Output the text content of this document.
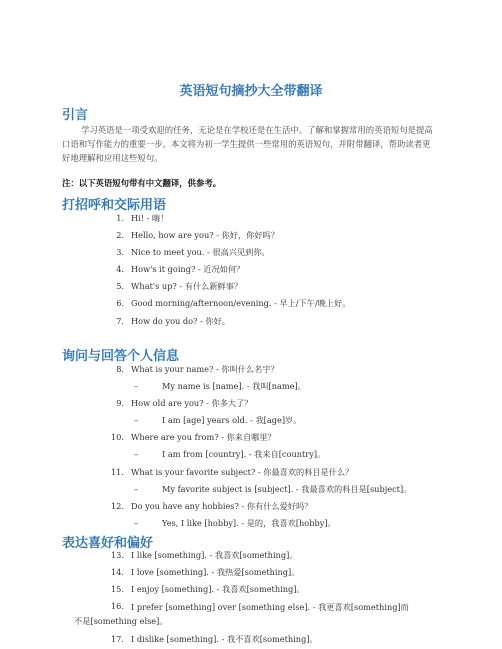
英语短句摘抄大全带翻译
引言

学习英语是一项受欢迎的任务，无论是在学校还是在生活中。了解和掌握常用的英语短句是提高口语和写作能力的重要一步。本文将为初一学生提供一些常用的英语短句，并附带翻译，帮助读者更好地理解和应用这些短句。

注：以下英语短句带有中文翻译，供参考。
打招呼和交际用语
1. Hi! - 嗨！
2. Hello, how are you? - 你好，你好吗？
3. Nice to meet you. - 很高兴见到你。
4. How's it going? - 近况如何？
5. What's up? - 有什么新鲜事？
6. Good morning/afternoon/evening. - 早上/下午/晚上好。
7. How do you do? - 你好。
询问与回答个人信息
8. What is your name? - 你叫什么名字？
–	My name is [name]. - 我叫[name]。
9. How old are you? - 你多大了？
–	I am [age] years old. - 我[age]岁。
10. Where are you from? - 你来自哪里？
–	I am from [country]. - 我来自[country]。
11. What is your favorite subject? - 你最喜欢的科目是什么？
–	My favorite subject is [subject]. - 我最喜欢的科目是[subject]。
12. Do you have any hobbies? - 你有什么爱好吗？
–	Yes, I like [hobby]. - 是的，我喜欢[hobby]。
表达喜好和偏好
13. I like [something]. - 我喜欢[something]。
14. I love [something]. - 我热爱[something]。
15. I enjoy [something]. - 我喜欢[something]。
16. I prefer [something] over [something else]. - 我更喜欢[something]而
不是[something else]。
17. I dislike [something]. - 我不喜欢[something]。
